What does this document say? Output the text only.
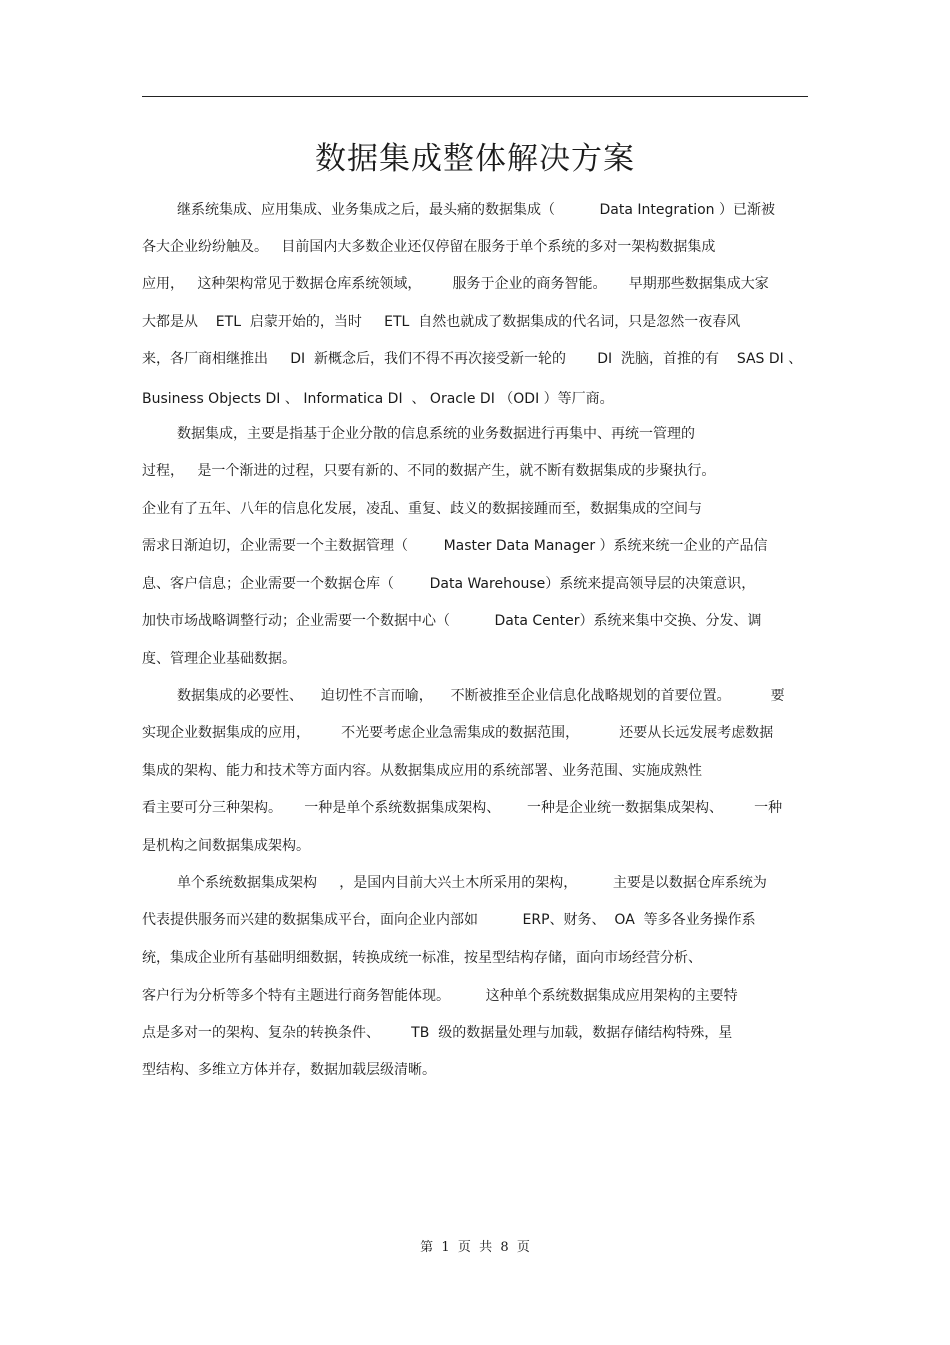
数据集成整体解决方案
继系统集成、应用集成、业务集成之后，最头痛的数据集成（          Data Integration ）已渐被
各大企业纷纷触及。   目前国内大多数企业还仅停留在服务于单个系统的多对一架构数据集成
应用，   这种架构常见于数据仓库系统领域，       服务于企业的商务智能。     早期那些数据集成大家
大都是从    ETL  启蒙开始的，当时     ETL  自然也就成了数据集成的代名词，只是忽然一夜春风
来，各厂商相继推出     DI  新概念后，我们不得不再次接受新一轮的       DI  洗脑，首推的有    SAS DI 、
Business Objects DI 、 Informatica DI  、 Oracle DI （ODI ）等厂商。
数据集成，主要是指基于企业分散的信息系统的业务数据进行再集中、再统一管理的
过程，   是一个渐进的过程，只要有新的、不同的数据产生，就不断有数据集成的步聚执行。
企业有了五年、八年的信息化发展，凌乱、重复、歧义的数据接踵而至，数据集成的空间与
需求日渐迫切，企业需要一个主数据管理（        Master Data Manager ）系统来统一企业的产品信
息、客户信息；企业需要一个数据仓库（        Data Warehouse）系统来提高领导层的决策意识，
加快市场战略调整行动；企业需要一个数据中心（          Data Center）系统来集中交换、分发、调
度、管理企业基础数据。
数据集成的必要性、    迫切性不言而喻，    不断被推至企业信息化战略规划的首要位置。         要
实现企业数据集成的应用，       不光要考虑企业急需集成的数据范围，         还要从长远发展考虑数据
集成的架构、能力和技术等方面内容。从数据集成应用的系统部署、业务范围、实施成熟性
看主要可分三种架构。     一种是单个系统数据集成架构、      一种是企业统一数据集成架构、       一种
是机构之间数据集成架构。
单个系统数据集成架构     ，是国内目前大兴土木所采用的架构，        主要是以数据仓库系统为
代表提供服务而兴建的数据集成平台，面向企业内部如          ERP、财务、  OA  等多各业务操作系
统，集成企业所有基础明细数据，转换成统一标准，按星型结构存储，面向市场经营分析、
客户行为分析等多个特有主题进行商务智能体现。        这种单个系统数据集成应用架构的主要特
点是多对一的架构、复杂的转换条件、       TB  级的数据量处理与加载，数据存储结构特殊，星
型结构、多维立方体并存，数据加载层级清晰。
第  1  页  共  8  页
